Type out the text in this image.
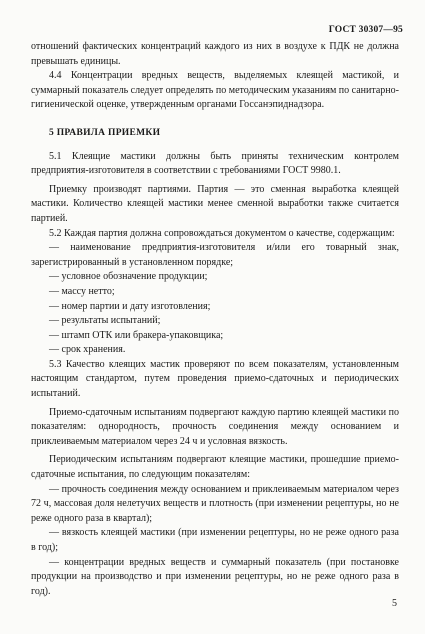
ГОСТ 30307—95

отношений фактических концентраций каждого из них в воздухе к ПДК не должна превышать единицы.

4.4 Концентрации вредных веществ, выделяемых клеящей мастикой, и суммарный показатель следует определять по методическим указаниям по санитарно-гигиенической оценке, утвержденным органами Госсанэпиднадзора.

5 ПРАВИЛА ПРИЕМКИ

5.1 Клеящие мастики должны быть приняты техническим контролем предприятия-изготовителя в соответствии с требованиями ГОСТ 9980.1.

Приемку производят партиями. Партия — это сменная выработка клеящей мастики. Количество клеящей мастики менее сменной выработки также считается партией.

5.2 Каждая партия должна сопровождаться документом о качестве, содержащим:

— наименование предприятия-изготовителя и/или его товарный знак, зарегистрированный в установленном порядке;

— условное обозначение продукции;

— массу нетто;

— номер партии и дату изготовления;

— результаты испытаний;

— штамп ОТК или бракера-упаковщика;

— срок хранения.

5.3 Качество клеящих мастик проверяют по всем показателям, установленным настоящим стандартом, путем проведения приемо-сдаточных и периодических испытаний.

Приемо-сдаточным испытаниям подвергают каждую партию клеящей мастики по показателям: однородность, прочность соединения между основанием и приклеиваемым материалом через 24 ч и условная вязкость.

Периодическим испытаниям подвергают клеящие мастики, прошедшие приемо-сдаточные испытания, по следующим показателям:

— прочность соединения между основанием и приклеиваемым материалом через 72 ч, массовая доля нелетучих веществ и плотность (при изменении рецептуры, но не реже одного раза в квартал);

— вязкость клеящей мастики (при изменении рецептуры, но не реже одного раза в год);

— концентрации вредных веществ и суммарный показатель (при постановке продукции на производство и при изменении рецептуры, но не реже одного раза в год).

5
